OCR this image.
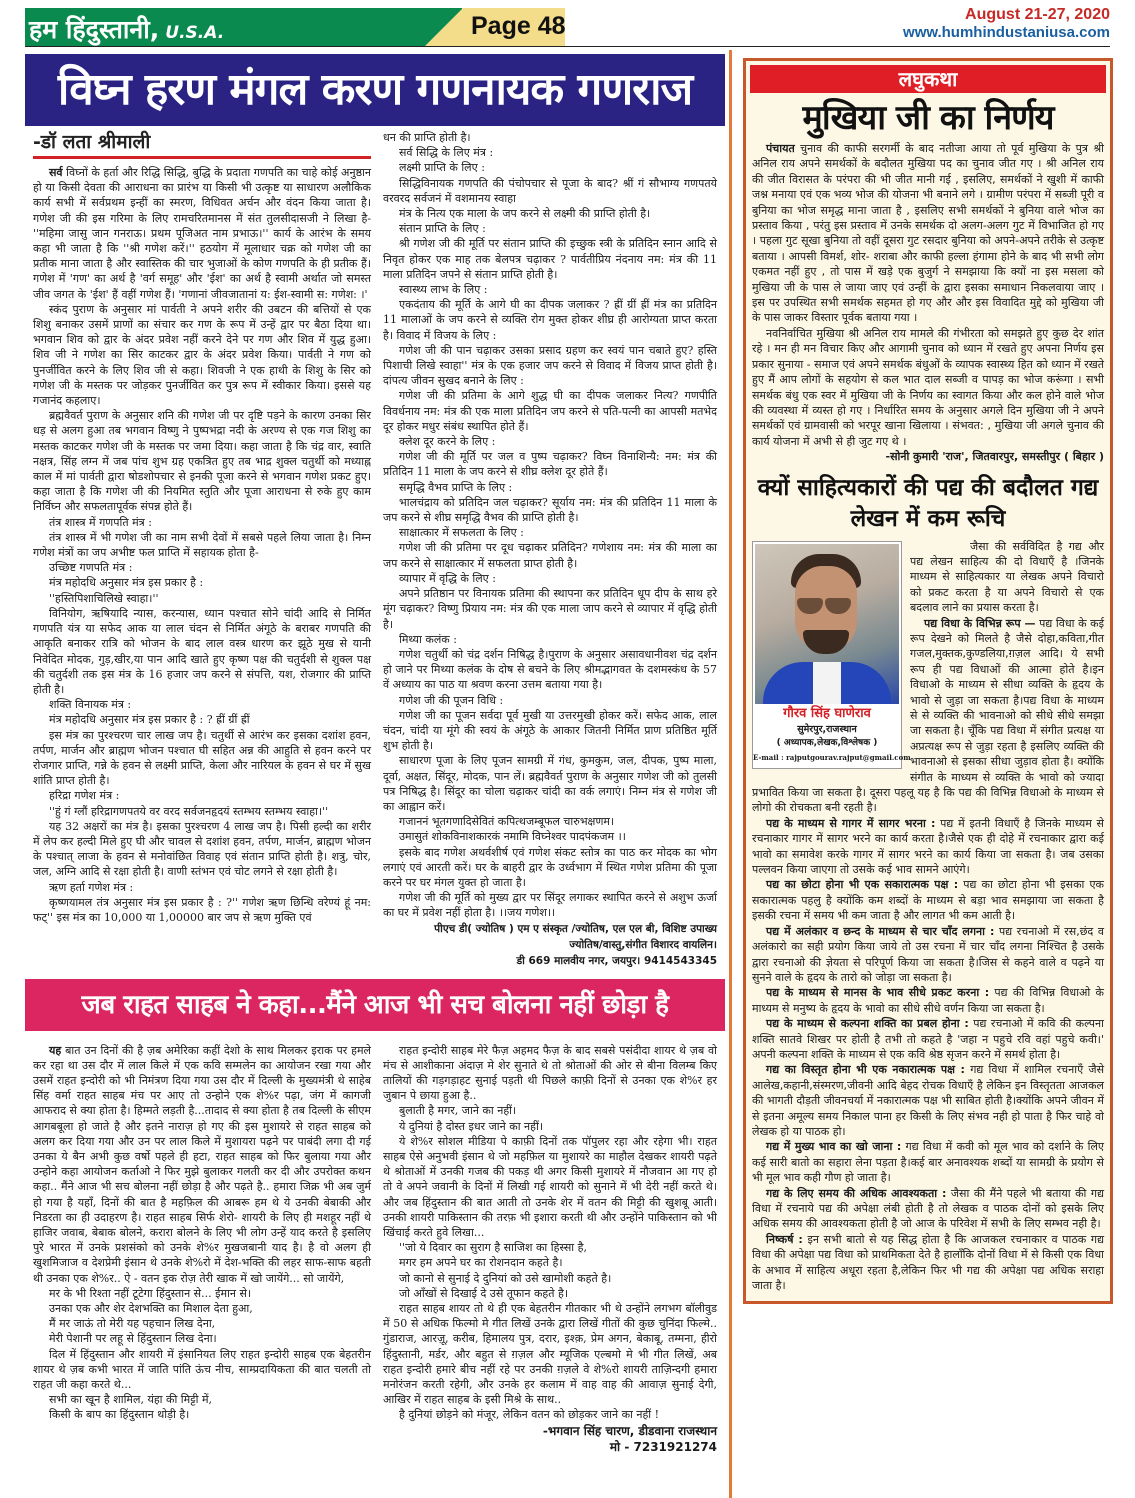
हम हिंदुस्तानी, U.S.A.	Page 48	August 21-27, 2020
www.humhindustaniusa.com
विघ्न हरण मंगल करण गणनायक गणराज
-डॉ लता श्रीमाली

सर्व विघ्नों के हर्ता और रिद्धि सिद्धि, बुद्धि के प्रदाता गणपति का चाहे कोई अनुष्ठान हो या किसी देवता की आराधना का प्रारंभ या किसी भी उत्कृष्ट या साधारण अलौकिक कार्य सभी में सर्वप्रथम इन्हीं का स्मरण, विधिवत अर्चन और वंदन किया जाता है। गणेश जी की इस गरिमा के लिए रामचरितमानस में संत तुलसीदासजी ने लिखा है-''महिमा जासु जान गनराऊ। प्रथम पूजिअत नाम प्रभाऊ।'' कार्य के आरंभ के समय कहा भी जाता है कि ''श्री गणेश करें।'' हठयोग में मूलाधार चक्र को गणेश जी का प्रतीक माना जाता है और स्वास्तिक की चार भुजाओं के कोण गणपति के ही प्रतीक हैं। गणेश में 'गण' का अर्थ है 'वर्ग समूह' और 'ईश' का अर्थ है स्वामी अर्थात जो समस्त जीव जगत के 'ईश' हैं वहीं गणेश हैं। 'गणानां जीवजातानां य: ईश-स्वामी स: गणेश: ।'

स्कंद पुराण के अनुसार मां पार्वती ने अपने शरीर की उबटन की बत्तियों से एक शिशु बनाकर उसमें प्राणों का संचार कर गण के रूप में उन्हें द्वार पर बैठा दिया था। भगवान शिव को द्वार के अंदर प्रवेश नहीं करने देने पर गण और शिव में युद्ध हुआ। शिव जी ने गणेश का सिर काटकर द्वार के अंदर प्रवेश किया। पार्वती ने गण को पुनर्जीवित करने के लिए शिव जी से कहा। शिवजी ने एक हाथी के शिशु के सिर को गणेश जी के मस्तक पर जोड़कर पुनर्जीवित कर पुत्र रूप में स्वीकार किया। इससे यह गजानंद कहलाए।

ब्रह्मवैवर्त पुराण के अनुसार शनि की गणेश जी पर दृष्टि पड़ने के कारण उनका सिर धड़ से अलग हुआ तब भगवान विष्णु ने पुष्पभद्रा नदी के अरण्य से एक गज शिशु का मस्तक काटकर गणेश जी के मस्तक पर जमा दिया। कहा जाता है कि चंद्र वार, स्वाति नक्षत्र, सिंह लग्न में जब पांच शुभ ग्रह एकत्रित हुए तब भाद्र शुक्ल चतुर्थी को मध्याह्न काल में मां पार्वती द्वारा षोडशोपचार से इनकी पूजा करने से भगवान गणेश प्रकट हुए। कहा जाता है कि गणेश जी की नियमित स्तुति और पूजा आराधना से रुके हुए काम निर्विघ्न और सफलतापूर्वक संपन्न होते हैं।

तंत्र शास्त्र में गणपति मंत्र :

तंत्र शास्त्र में भी गणेश जी का नाम सभी देवों में सबसे पहले लिया जाता है। निम्न गणेश मंत्रों का जप अभीष्ट फल प्राप्ति में सहायक होता है-

उच्छिष्ट गणपति मंत्र :

मंत्र महोदधि अनुसार मंत्र इस प्रकार है :

''हस्तिपिशाचिलिखे स्वाहा।''

विनियोग, ऋषियादि न्यास, करन्यास, ध्यान पश्चात सोने चांदी आदि से निर्मित गणपति यंत्र या सफेद आक या लाल चंदन से निर्मित अंगूठे के बराबर गणपति की आकृति बनाकर रात्रि को भोजन के बाद लाल वस्त्र धारण कर झूठे मुख से यानी निवेदित मोदक, गुड़,खीर,या पान आदि खाते हुए कृष्ण पक्ष की चतुर्दशी से शुक्ल पक्ष की चतुर्दशी तक इस मंत्र के 16 हजार जप करने से संपत्ति, यश, रोजगार की प्राप्ति होती है।

शक्ति विनायक मंत्र :

मंत्र महोदधि अनुसार मंत्र इस प्रकार है : ? ह्रीं ग्रीं ह्रीं

इस मंत्र का पुरश्चरण चार लाख जप है। चतुर्थी से आरंभ कर इसका दशांश हवन, तर्पण, मार्जन और ब्राह्मण भोजन पश्चात घी सहित अन्न की आहुति से हवन करने पर रोजगार प्राप्ति, गन्ने के हवन से लक्ष्मी प्राप्ति, केला और नारियल के हवन से घर में सुख शांति प्राप्त होती है।

हरिद्रा गणेश मंत्र :

''हुं गं ग्लौं हरिद्रागणपतये वर वरद सर्वजनहृदयं स्तम्भय स्तम्भय स्वाहा।''

यह 32 अक्षरों का मंत्र है। इसका पुरश्चरण 4 लाख जप है। पिसी हल्दी का शरीर में लेप कर हल्दी मिले हुए घी और चावल से दशांश हवन, तर्पण, मार्जन, ब्राह्मण भोजन के पश्चात् लाजा के हवन से मनोवांछित विवाह एवं संतान प्राप्ति होती है। शत्रु, चोर, जल, अग्नि आदि से रक्षा होती है। वाणी स्तंभन एवं चोट लगने से रक्षा होती है।

ऋण हर्ता गणेश मंत्र :

कृष्णयामल तंत्र अनुसार मंत्र इस प्रकार है : ?'' गणेश ऋण छिन्धि वरेण्यं हूं नम: फट्'' इस मंत्र का 10,000 या 1,00000 बार जप से ऋण मुक्ति एवं

धन की प्राप्ति होती है।

सर्व सिद्धि के लिए मंत्र :

लक्ष्मी प्राप्ति के लिए :

सिद्धिविनायक गणपति की पंचोपचार से पूजा के बाद? श्रीं गं सौभाग्य गणपतये वरवरद सर्वजनं में वशमानय स्वाहा

मंत्र के नित्य एक माला के जप करने से लक्ष्मी की प्राप्ति होती है।

संतान प्राप्ति के लिए :

श्री गणेश जी की मूर्ति पर संतान प्राप्ति की इच्छुक स्त्री के प्रतिदिन स्नान आदि से निवृत होकर एक माह तक बेलपत्र चढ़ाकर ? पार्वतीप्रिय नंदनाय नम: मंत्र की 11 माला प्रतिदिन जपने से संतान प्राप्ति होती है।

स्वास्थ्य लाभ के लिए :

एकदंताय की मूर्ति के आगे घी का दीपक जलाकर ? ह्रीं ग्रीं ह्रीं मंत्र का प्रतिदिन 11 मालाओं के जप करने से व्यक्ति रोग मुक्त होकर शीघ्र ही आरोग्यता प्राप्त करता है। विवाद में विजय के लिए :

गणेश जी की पान चढ़ाकर उसका प्रसाद ग्रहण कर स्वयं पान चबाते हुए? हस्ति पिशाची लिखे स्वाहा'' मंत्र के एक हजार जप करने से विवाद में विजय प्राप्त होती है। दांपत्य जीवन सुखद बनाने के लिए :

गणेश जी की प्रतिमा के आगे शुद्ध घी का दीपक जलाकर नित्य? गणपीति विवर्धनाय नम: मंत्र की एक माला प्रतिदिन जप करने से पति-पत्नी का आपसी मतभेद दूर होकर मधुर संबंध स्थापित होते हैं।

क्लेश दूर करने के लिए :

गणेश जी की मूर्ति पर जल व पुष्प चढ़ाकर? विघ्न विनाशिन्यै: नम: मंत्र की प्रतिदिन 11 माला के जप करने से शीघ्र क्लेश दूर होते हैं।

समृद्धि वैभव प्राप्ति के लिए :

भालचंद्राय को प्रतिदिन जल चढ़ाकर? सूर्याय नम: मंत्र की प्रतिदिन 11 माला के जप करने से शीघ्र समृद्धि वैभव की प्राप्ति होती है।

साक्षात्कार में सफलता के लिए :

गणेश जी की प्रतिमा पर दूध चढ़ाकर प्रतिदिन? गणेशाय नम: मंत्र की माला का जप करने से साक्षात्कार में सफलता प्राप्त होती है।

व्यापार में वृद्धि के लिए :

अपने प्रतिष्ठान पर विनायक प्रतिमा की स्थापना कर प्रतिदिन धूप दीप के साथ हरे मूंग चढ़ाकर? विष्णु प्रियाय नम: मंत्र की एक माला जाप करने से व्यापार में वृद्धि होती है।

मिथ्या कलंक :

गणेश चतुर्थी को चंद्र दर्शन निषिद्ध है।पुराण के अनुसार असावधानीवश चंद्र दर्शन हो जाने पर मिथ्या कलंक के दोष से बचने के लिए श्रीमद्भागवत के दशमस्कंध के 57 वें अध्याय का पाठ या श्रवण करना उत्तम बताया गया है।

गणेश जी की पूजन विधि :

गणेश जी का पूजन सर्वदा पूर्व मुखी या उत्तरमुखी होकर करें। सफेद आक, लाल चंदन, चांदी या मूंगे की स्वयं के अंगूठे के आकार जितनी निर्मित प्राण प्रतिष्ठित मूर्ति शुभ होती है।

साधारण पूजा के लिए पूजन सामग्री में गंध, कुमकुम, जल, दीपक, पुष्प माला, दूर्वा, अक्षत, सिंदूर, मोदक, पान लें। ब्रह्मवैवर्त पुराण के अनुसार गणेश जी को तुलसी पत्र निषिद्ध है। सिंदूर का चोला चढ़ाकर चांदी का वर्क लगाएं। निम्न मंत्र से गणेश जी का आह्वान करें।

गजाननं भूतगणादिसेवितं कपित्थजम्बूफल चारुभक्षणम।

उमासुतं शोकविनाशकारकं नमामि विघ्नेश्वर पादपंकजम ।।

इसके बाद गणेश अथर्वशीर्ष एवं गणेश संकट स्तोत्र का पाठ कर मोदक का भोग लगाएं एवं आरती करें। घर के बाहरी द्वार के उर्ध्वभाग में स्थित गणेश प्रतिमा की पूजा करने पर घर मंगल युक्त हो जाता है।

गणेश जी की मूर्ति को मुख्य द्वार पर सिंदूर लगाकर स्थापित करने से अशुभ ऊर्जा का घर में प्रवेश नहीं होता है। ।।जय गणेश।।

पीएच डी( ज्योतिष ) एम ए संस्कृत /ज्योतिष, एल एल बी, विशिष्ट उपाख्य
ज्योतिष/वास्तु,संगीत विशारद वायलिन।
डी 669 मालवीय नगर, जयपुर। 9414543345
जब राहत साहब ने कहा...मैंने आज भी सच बोलना नहीं छोड़ा है

यह बात उन दिनों की है ज़ब अमेरिका कहीं देशो के साथ मिलकर इराक पर हमले कर रहा था उस दौर में लाल किले में एक कवि सम्मलेन का आयोजन रखा गया और उसमें राहत इन्दोरी को भी निमंत्रण दिया गया उस दौर में दिल्ली के मुख्यमंत्री थे साहेब सिंह वर्मा राहत साहब मंच पर आए तो उन्होने एक शे%र पढ़ा, जंग में कागजी आफराद से क्या होता है। हिम्मते लड़ती है...तादाद से क्या होता है तब दिल्ली के सीएम आगबबूला हो जाते है और इतने नाराज़ हो गए की इस मुशायरे से राहत साहब को अलग कर दिया गया और उन पर लाल किले में मुशायरा पढ़ने पर पाबंदी लगा दी गई उनका ये बैन अभी कुछ वर्षो पहले ही हटा, राहत साहब को फिर बुलाया गया और उन्होने कहा आयोजन कर्ताओ ने फिर मुझे बुलाकर गलती कर दी और उपरोक्त कथन कहा.. मैंने आज भी सच बोलना नहीं छोड़ा है और पढ़ते है.. हमारा जिक्र भी अब जुर्म हो गया है यहाँ, दिनों की बात है महफ़िल की आबरू हम थे ये उनकी बेबाकी और निडरता का ही उदाहरण है। राहत साहब सिर्फ शेरो- शायरी के लिए ही मशहूर नहीं थे हाजिर जवाब, बेबाक बोलने, करारा बोलने के लिए भी लोग उन्हें याद करते है इसलिए पुरे भारत में उनके प्रशसंको को उनके शे%र मुखजबानी याद है। है वो अलग ही खुशमिजाज व देशप्रेमी इंसान थे उनके शे%रो में देश-भक्ति की लहर साफ-साफ बहती थी उनका एक शे%र.. ऐ - वतन इक रोज़ तेरी खाक में खो जायेंगे... सो जायेंगे,

मर के भी रिश्ता नहीं टूटेगा हिंदुस्तान से... ईमान से।

उनका एक और शेर देशभक्ति का मिशाल देता हुआ,

मैं मर जाऊं तो मेरी यह पहचान लिख देना,

मेरी पेशानी पर लहू से हिंदुस्तान लिख देना।

दिल में हिंदुस्तान और शायरी में इंसानियत लिए राहत इन्दोरी साहब एक बेहतरीन शायर थे ज़ब कभी भारत में जाति पांति ऊंच नीच, साम्प्रदायिकता की बात चलती तो राहत जी कहा करते थे...

सभी का खून है शामिल, यंहा की मिट्टी में,

किसी के बाप का हिंदुस्तान थोड़ी है।

राहत इन्दोरी साहब मेरे फैज़ अहमद फैज़ के बाद सबसे पसंदीदा शायर थे ज़ब वो मंच से आशीकाना अंदाज़ मे शेर सुनाते थे तो श्रोताओं की ओर से बीना विलम्ब किए तालियों की गड़गड़ाहट सुनाई पड़ती थी पिछले काफ़ी दिनों से उनका एक शे%र हर जुबान पे छाया हुआ है..

बुलाती है मगर, जाने का नहीं।

ये दुनियां है दोस्त इधर जाने का नहीं।

ये शे%र सोशल मीडिया पे काफ़ी दिनों तक पॉपुलर रहा और रहेगा भी। राहत साहब ऐसे अनुभवी इंसान थे जो महफ़िल या मुशायरे का माहौल देखकर शायरी पढ़ते थे श्रोताओं में उनकी गजब की पकड़ थी अगर किसी मुशायरे में नौजवान आ गए हो तो वे अपने जवानी के दिनों में लिखी गई शायरी को सुनाने में भी देरी नहीं करते थे। और जब हिंदुस्तान की बात आती तो उनके शेर में वतन की मिट्टी की खुशबू आती। उनकी शायरी पाकिस्तान की तरफ़ भी इशारा करती थी और उन्होंने पाकिस्तान को भी खिंचाई करते हुवे लिखा...

''जो ये दिवार का सुराग है साजिश का हिस्सा है,

मगर हम अपने घर का रोशनदान कहते है।

जो कानो से सुनाई दे दुनियां को उसे खामोशी कहते है।

जो आँखों से दिखाई दे उसे तूफान कहते है।

राहत साहब शायर तो थे ही एक बेहतरीन गीतकार भी थे उन्होंने लगभग बॉलीवुड में 50 से अधिक फिल्मो मे गीत लिखें उनके द्वारा लिखें गीतों की कुछ चुनिंदा फिल्मे.. गुंडाराज, आरज़ू, करीब, हिमालय पुत्र, दरार, इश्क़, प्रेम अगन, बेकाबू, तम्मना, हीरो हिंदुस्तानी, मर्डर, और बहुत से ग़ज़ल और म्यूजिक एल्बमो मे भी गीत लिखें, अब राहत इन्दोरी हमारे बीच नहीं रहे पर उनकी ग़ज़ले वे शे%रो शायरी ताज़िन्दगी हमारा मनोरंजन करती रहेगी, और उनके हर कलाम में वाह वाह की आवाज़ सुनाई देगी, आखिर में राहत साहब के इसी मिश्रे के साथ..

है दुनियां छोड़ने को मंजूर, लेकिन वतन को छोड़कर जाने का नहीं !

-भगवान सिंह चारण, डीडवाना राजस्थान
मो - 7231921274
लघुकथा
मुखिया जी का निर्णय

पंचायत चुनाव की काफी सरगर्मी के बाद नतीजा आया तो पूर्व मुखिया के पुत्र श्री अनिल राय अपने समर्थकों के बदौलत मुखिया पद का चुनाव जीत गए । श्री अनिल राय की जीत विरासत के परंपरा की भी जीत मानी गई , इसलिए, समर्थकों ने खुशी में काफी जश्न मनाया एवं एक भव्य भोज की योजना भी बनाने लगे । ग्रामीण परंपरा में सब्जी पूरी व बुनिया का भोज समृद्ध माना जाता है , इसलिए सभी समर्थकों ने बुनिया वाले भोज का प्रस्ताव किया , परंतु इस प्रस्ताव में उनके समर्थक दो अलग-अलग गुट में विभाजित हो गए । पहला गुट सूखा बुनिया तो वहीं दूसरा गुट रसदार बुनिया को अपने-अपने तरीके से उत्कृष्ट बताया । आपसी विमर्श, शोर- शराबा और काफी हल्ला हंगामा होने के बाद भी सभी लोग एकमत नहीं हुए , तो पास में खड़े एक बुजुर्ग ने समझाया कि क्यों ना इस मसला को मुखिया जी के पास ले जाया जाए एवं उन्हीं के द्वारा इसका समाधान निकलवाया जाए । इस पर उपस्थित सभी समर्थक सहमत हो गए और और इस विवादित मुद्दे को मुखिया जी के पास जाकर विस्तार पूर्वक बताया गया ।

नवनिर्वाचित मुखिया श्री अनिल राय मामले की गंभीरता को समझते हुए कुछ देर शांत रहे । मन ही मन विचार किए और आगामी चुनाव को ध्यान में रखते हुए अपना निर्णय इस प्रकार सुनाया - समाज एवं अपने समर्थक बंधुओं के व्यापक स्वास्थ्य हित को ध्यान में रखते हुए मैं आप लोगों के सहयोग से कल भात दाल सब्जी व पापड़ का भोज करूंगा । सभी समर्थक बंधु एक स्वर में मुखिया जी के निर्णय का स्वागत किया और कल होने वाले भोज की व्यवस्था में व्यस्त हो गए । निर्धारित समय के अनुसार अगले दिन मुखिया जी ने अपने समर्थकों एवं ग्रामवासी को भरपूर खाना खिलाया । संभवत: , मुखिया जी अगले चुनाव की कार्य योजना में अभी से ही जुट गए थे ।

-सोनी कुमारी 'राज', जितवारपुर, समस्तीपुर ( बिहार )
क्यों साहित्यकारों की पद्य की बदौलत गद्य लेखन में कम रूचि
गौरव सिंह घाणेराव
सुमेरपुर,राजस्थान
( अध्यापक,लेखक,विश्लेषक )
E-mail : rajputgourav.rajput@gmail.com

जैसा की सर्वविदित है गद्य और पद्य लेखन साहित्य की दो विधाएँ है ।जिनके माध्यम से साहित्यकार या लेखक अपने विचारो को प्रकट करता है या अपने विचारो से एक बदलाव लाने का प्रयास करता है।

पद्य विधा के विभिन्न रूप — पद्य विधा के कई रूप देखने को मिलते है जैसे दोहा,कविता,गीत गजल,मुक्तक,कुण्डलिया,ग़ज़ल आदि। ये सभी रूप ही पद्य विधाओं की आत्मा होते है।इन विधाओ के माध्यम से सीधा व्यक्ति के हृदय के भावो से जुड़ा जा सकता है।पद्य विधा के माध्यम से से व्यक्ति की भावनाओ को सीधे सीधे समझा जा सकता है। चूँकि पद्य विधा में संगीत प्रत्यक्ष या अप्रत्यक्ष रूप से जुड़ा रहता है इसलिए व्यक्ति की भावनाओ से इसका सीधा जुड़ाव होता है। क्योंकि संगीत के माध्यम से व्यक्ति के भावो को ज्यादा प्रभावित किया जा सकता है। दूसरा पहलू यह है कि पद्य की विभिन्न विधाओ के माध्यम से लोगो की रोचकता बनी रहती है।

पद्य के माध्यम से गागर में सागर भरना : पद्य में इतनी विधाएँ है जिनके माध्यम से रचनाकार गागर में सागर भरने का कार्य करता है।जैसे एक ही दोहे में रचनाकार द्वारा कई भावो का समावेश करके गागर में सागर भरने का कार्य किया जा सकता है। जब उसका पल्लवन किया जाएगा तो उसके कई भाव सामने आएंगे।

पद्य का छोटा होना भी एक सकारात्मक पक्ष : पद्य का छोटा होना भी इसका एक सकारात्मक पहलु है क्योंकि कम शब्दों के माध्यम से बड़ा भाव समझाया जा सकता है इसकी रचना में समय भी कम जाता है और लागत भी कम आती है।

पद्य में अलंकार व छन्द के माध्यम से चार चाँद लगना : पद्य रचनाओ में रस,छंद व अलंकारो का सही प्रयोग किया जाये तो उस रचना में चार चाँद लगना निश्चित है उसके द्वारा रचनाओ की ज्ञेयता से परिपूर्ण किया जा सकता है।जिस से कहने वाले व पढ़ने या सुनने वाले के हृदय के तारो को जोड़ा जा सकता है।

पद्य के माध्यम से मानस के भाव सीधे प्रकट करना : पद्य की विभिन्न विधाओ के माध्यम से मनुष्य के हृदय के भावो का सीधे सीधे वर्णन किया जा सकता है।

पद्य के माध्यम से कल्पना शक्ति का प्रबल होना : पद्य रचनाओ में कवि की कल्पना शक्ति सातवे शिखर पर होती है तभी तो कहते है 'जहा न पहुचे रवि वहां पहुचे कवी।' अपनी कल्पना शक्ति के माध्यम से एक कवि श्रेष्ठ सृजन करने में समर्थ होता है।

गद्य का विस्तृत होना भी एक नकारात्मक पक्ष : गद्य विधा में शामिल रचनाएँ जैसे आलेख,कहानी,संस्मरण,जीवनी आदि बेहद रोचक विधाएँ है लेकिन इन विस्तृतता आजकल की भागती दौड़ती जीवनचर्या में नकारात्मक पक्ष भी साबित होती है।क्योंकि अपने जीवन में से इतना अमूल्य समय निकाल पाना हर किसी के लिए संभव नही हो पाता है फिर चाहे वो लेखक हो या पाठक हो।

गद्य में मुख्य भाव का खो जाना : गद्य विधा में कवी को मूल भाव को दर्शाने के लिए कई सारी बातो का सहारा लेना पड़ता है।कई बार अनावश्यक शब्दों या सामग्री के प्रयोग से भी मूल भाव कही गौण हो जाता है।

गद्य के लिए समय की अधिक आवश्यकता : जैसा की मैंने पहले भी बताया की गद्य विधा में रचनाये पद्य की अपेक्षा लंबी होती है तो लेखक व पाठक दोनों को इसके लिए अधिक समय की आवश्यकता होती है जो आज के परिवेश में सभी के लिए सम्भव नही है।

निष्कर्ष : इन सभी बातो से यह सिद्ध होता है कि आजकल रचनाकार व पाठक गद्य विधा की अपेक्षा पद्य विधा को प्राथमिकता देते है हालाँकि दोनों विधा में से किसी एक विधा के अभाव में साहित्य अधूरा रहता है,लेकिन फिर भी गद्य की अपेक्षा पद्य अधिक सराहा जाता है।
